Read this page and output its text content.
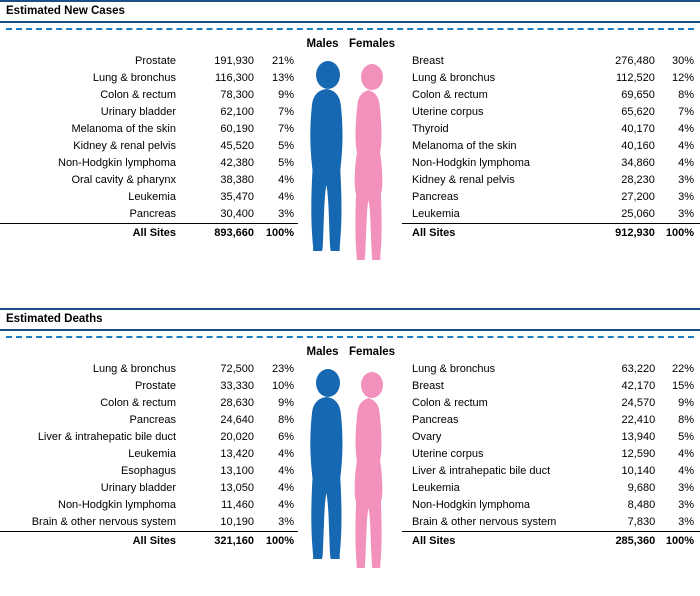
Estimated New Cases
Prostate	191,930	21%
Lung & bronchus	116,300	13%
Colon & rectum	78,300	9%
Urinary bladder	62,100	7%
Melanoma of the skin	60,190	7%
Kidney & renal pelvis	45,520	5%
Non-Hodgkin lymphoma	42,380	5%
Oral cavity & pharynx	38,380	4%
Leukemia	35,470	4%
Pancreas	30,400	3%
All Sites	893,660	100%
Males Females
Breast	276,480	30%
Lung & bronchus	112,520	12%
Colon & rectum	69,650	8%
Uterine corpus	65,620	7%
Thyroid	40,170	4%
Melanoma of the skin	40,160	4%
Non-Hodgkin lymphoma	34,860	4%
Kidney & renal pelvis	28,230	3%
Pancreas	27,200	3%
Leukemia	25,060	3%
All Sites	912,930	100%
Estimated Deaths
Lung & bronchus	72,500	23%
Prostate	33,330	10%
Colon & rectum	28,630	9%
Pancreas	24,640	8%
Liver & intrahepatic bile duct	20,020	6%
Leukemia	13,420	4%
Esophagus	13,100	4%
Urinary bladder	13,050	4%
Non-Hodgkin lymphoma	11,460	4%
Brain & other nervous system	10,190	3%
All Sites	321,160	100%
Males Females
Lung & bronchus	63,220	22%
Breast	42,170	15%
Colon & rectum	24,570	9%
Pancreas	22,410	8%
Ovary	13,940	5%
Uterine corpus	12,590	4%
Liver & intrahepatic bile duct	10,140	4%
Leukemia	9,680	3%
Non-Hodgkin lymphoma	8,480	3%
Brain & other nervous system	7,830	3%
All Sites	285,360	100%
